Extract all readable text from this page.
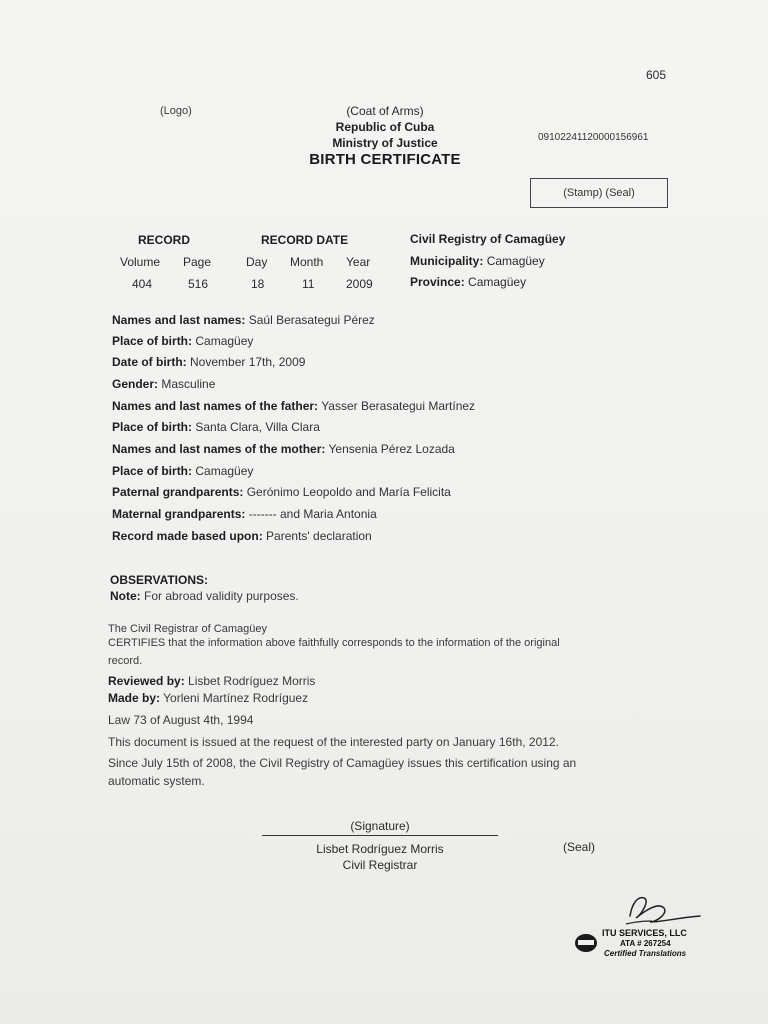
605
(Logo)	(Coat of Arms)
Republic of Cuba
Ministry of Justice
BIRTH CERTIFICATE
09102241120000156961
(Stamp) (Seal)
RECORD
Volume Page
404	516
RECORD DATE
Day Month Year
18	11	2009
Civil Registry of Camagüey
Municipality: Camagüey
Province: Camagüey
Names and last names: Saúl Berasategui Pérez
Place of birth: Camagüey
Date of birth: November 17th, 2009
Gender: Masculine
Names and last names of the father: Yasser Berasategui Martínez
Place of birth: Santa Clara, Villa Clara
Names and last names of the mother: Yensenia Pérez Lozada
Place of birth: Camagüey
Paternal grandparents: Gerónimo Leopoldo and María Felicita
Maternal grandparents: ------- and Maria Antonia
Record made based upon: Parents' declaration
OBSERVATIONS:
Note: For abroad validity purposes.
The Civil Registrar of Camagüey
CERTIFIES that the information above faithfully corresponds to the information of the original
record.
Reviewed by: Lisbet Rodríguez Morris
Made by: Yorleni Martínez Rodríguez
Law 73 of August 4th, 1994
This document is issued at the request of the interested party on January 16th, 2012.
Since July 15th of 2008, the Civil Registry of Camagüey issues this certification using an
automatic system.
(Signature)
Lisbet Rodríguez Morris
Civil Registrar
(Seal)
ITU SERVICES, LLC
ATA # 267254
Certified Translations
